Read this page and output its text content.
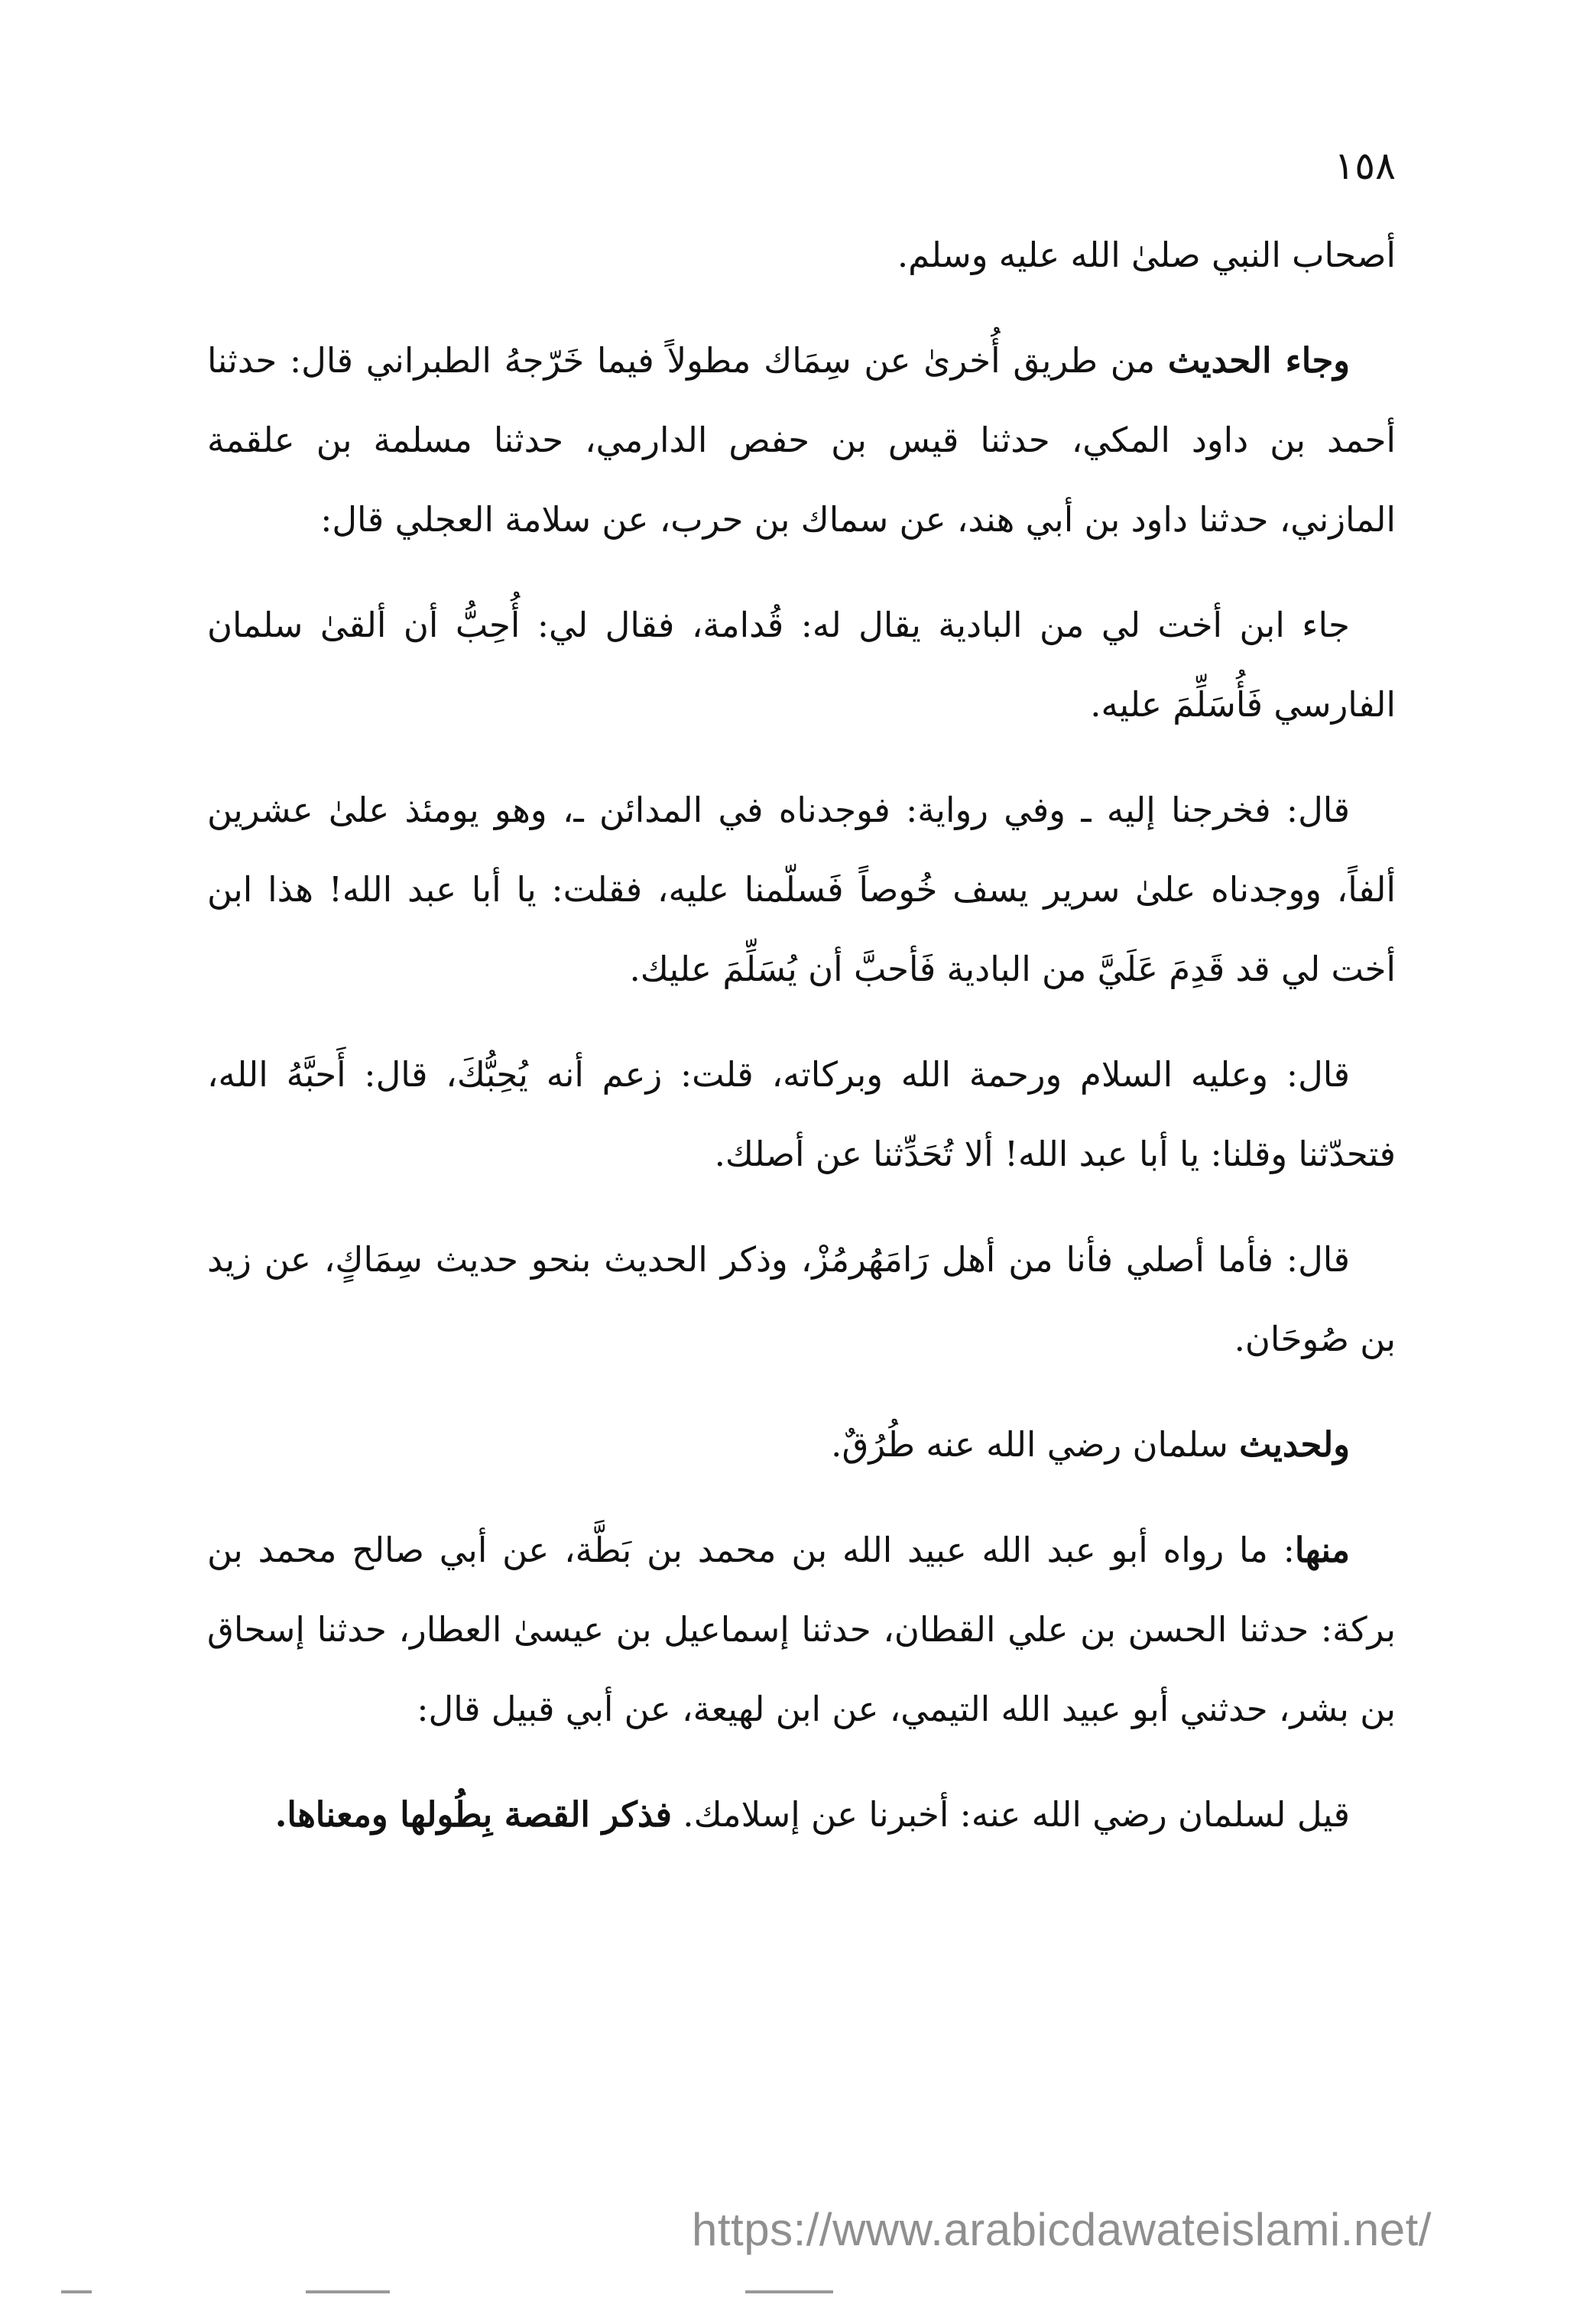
١٥٨

أصحاب النبي صلىٰ الله عليه وسلم.

وجاء الحديث من طريق أُخرىٰ عن سِمَاك مطولاً فيما خَرّجهُ الطبراني قال: حدثنا أحمد بن داود المكي، حدثنا قيس بن حفص الدارمي، حدثنا مسلمة بن علقمة المازني، حدثنا داود بن أبي هند، عن سماك بن حرب، عن سلامة العجلي قال:

جاء ابن أخت لي من البادية يقال له: قُدامة، فقال لي: أُحِبُّ أن ألقىٰ سلمان الفارسي فَأُسَلِّمَ عليه.

قال: فخرجنا إليه ـ وفي رواية: فوجدناه في المدائن ـ، وهو يومئذ علىٰ عشرين ألفاً، ووجدناه علىٰ سرير يسف خُوصاً فَسلّمنا عليه، فقلت: يا أبا عبد الله! هذا ابن أخت لي قد قَدِمَ عَلَيَّ من البادية فَأحبَّ أن يُسَلِّمَ عليك.

قال: وعليه السلام ورحمة الله وبركاته، قلت: زعم أنه يُحِبُّكَ، قال: أَحبَّهُ الله، فتحدّثنا وقلنا: يا أبا عبد الله! ألا تُحَدِّثنا عن أصلك.

قال: فأما أصلي فأنا من أهل رَامَهُرمُزْ، وذكر الحديث بنحو حديث سِمَاكٍ، عن زيد بن صُوحَان.

ولحديث سلمان رضي الله عنه طُرُقٌ.

منها: ما رواه أبو عبد الله عبيد الله بن محمد بن بَطَّة، عن أبي صالح محمد بن بركة: حدثنا الحسن بن علي القطان، حدثنا إسماعيل بن عيسىٰ العطار، حدثنا إسحاق بن بشر، حدثني أبو عبيد الله التيمي، عن ابن لهيعة، عن أبي قبيل قال:

قيل لسلمان رضي الله عنه: أخبرنا عن إسلامك. فذكر القصة بِطُولها ومعناها.

https://www.arabicdawateislami.net/
